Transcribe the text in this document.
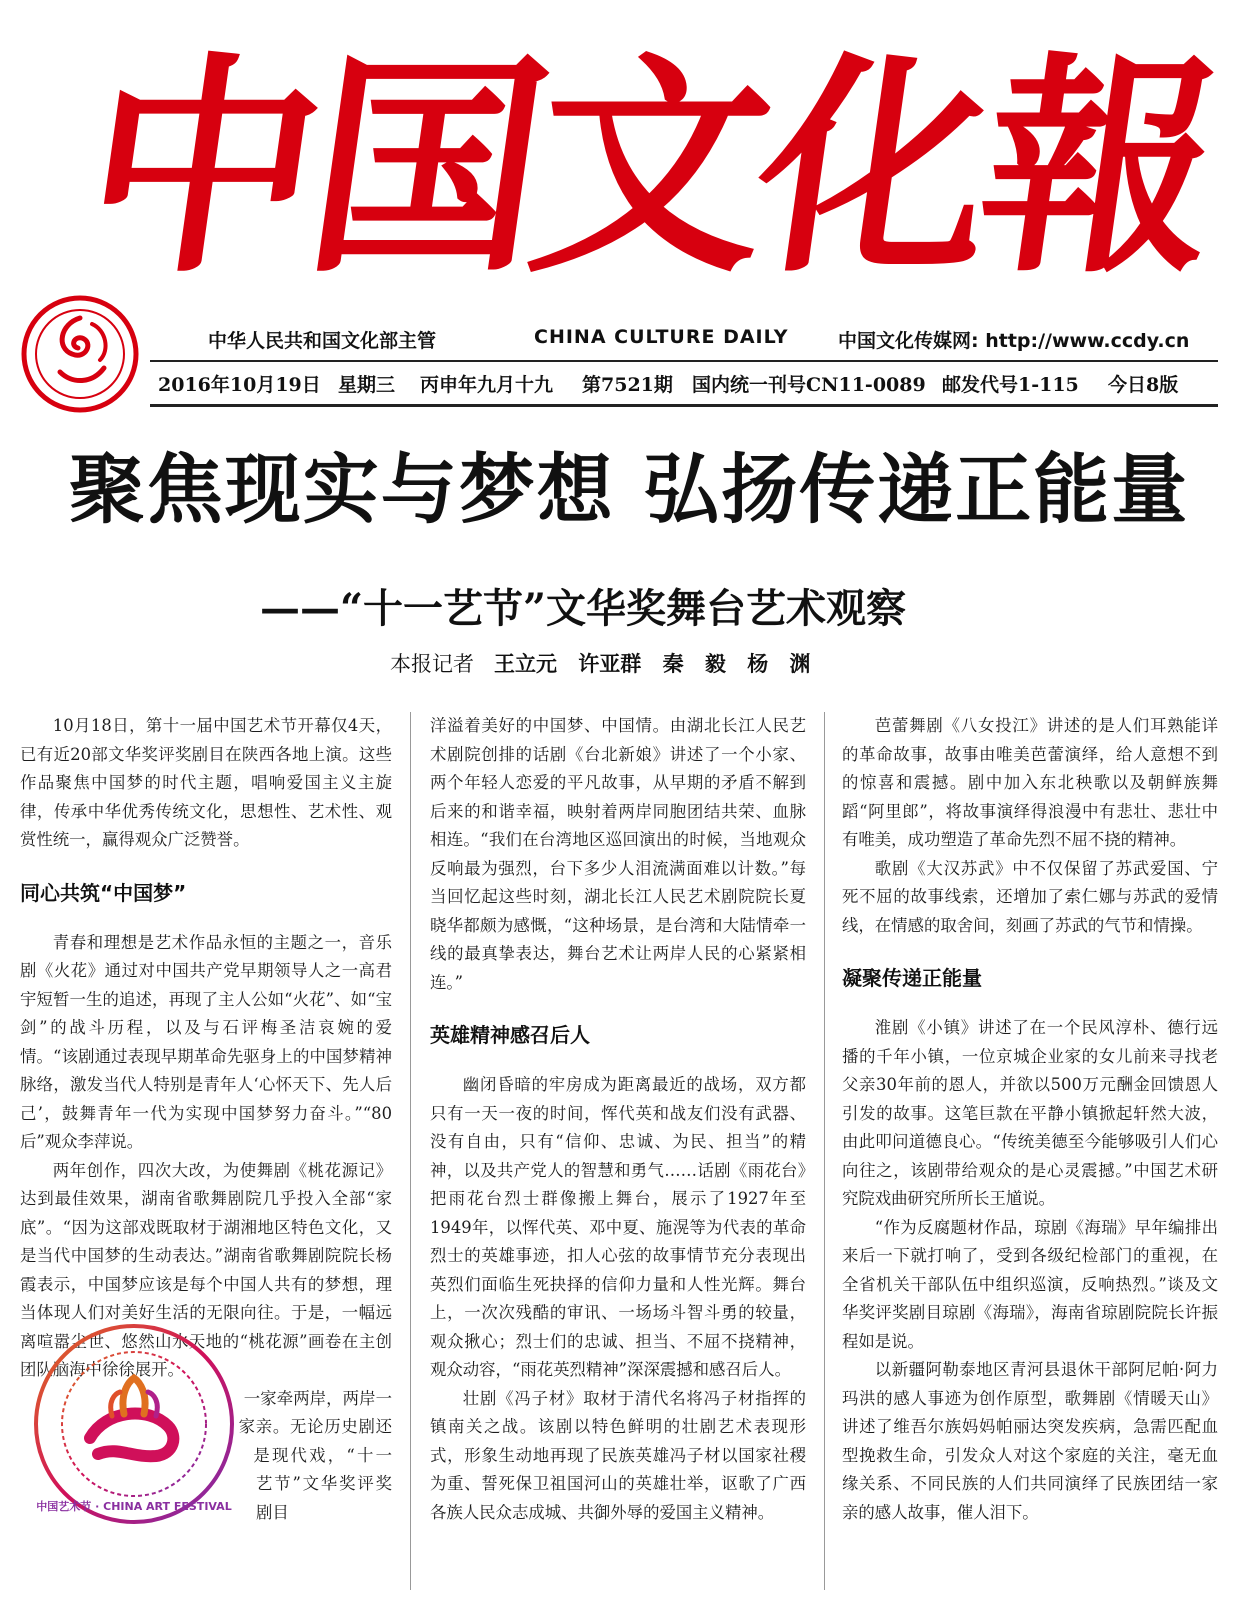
中国文化報
中华人民共和国文化部主管	CHINA CULTURE DAILY	中国文化传媒网: http://www.ccdy.cn
2016年10月19日 星期三 丙申年九月十九 第7521期 国内统一刊号CN11-0089 邮发代号1-115 今日8版
聚焦现实与梦想 弘扬传递正能量
——“十一艺节”文华奖舞台艺术观察
本报记者 王立元 许亚群 秦 毅 杨 渊

10月18日，第十一届中国艺术节开幕仅4天，已有近20部文华奖评奖剧目在陕西各地上演。这些作品聚焦中国梦的时代主题，唱响爱国主义主旋律，传承中华优秀传统文化，思想性、艺术性、观赏性统一，赢得观众广泛赞誉。

同心共筑“中国梦”

青春和理想是艺术作品永恒的主题之一，音乐剧《火花》通过对中国共产党早期领导人之一高君宇短暂一生的追述，再现了主人公如“火花”、如“宝剑”的战斗历程，以及与石评梅圣洁哀婉的爱情。“该剧通过表现早期革命先驱身上的中国梦精神脉络，激发当代人特别是青年人‘心怀天下、先人后己’，鼓舞青年一代为实现中国梦努力奋斗。”“80后”观众李萍说。

两年创作，四次大改，为使舞剧《桃花源记》达到最佳效果，湖南省歌舞剧院几乎投入全部“家底”。“因为这部戏既取材于湖湘地区特色文化，又是当代中国梦的生动表达。”湖南省歌舞剧院院长杨霞表示，中国梦应该是每个中国人共有的梦想，理当体现人们对美好生活的无限向往。于是，一幅远离喧嚣尘世、悠然山水天地的“桃花源”画卷在主创团队脑海中徐徐展开。

一家牵两岸，两岸一家亲。无论历史剧还是现代戏，“十一艺节”文华奖评奖剧目

中国艺术节 · CHINA ART FESTIVAL

洋溢着美好的中国梦、中国情。由湖北长江人民艺术剧院创排的话剧《台北新娘》讲述了一个小家、两个年轻人恋爱的平凡故事，从早期的矛盾不解到后来的和谐幸福，映射着两岸同胞团结共荣、血脉相连。“我们在台湾地区巡回演出的时候，当地观众反响最为强烈，台下多少人泪流满面难以计数。”每当回忆起这些时刻，湖北长江人民艺术剧院院长夏晓华都颇为感慨，“这种场景，是台湾和大陆情牵一线的最真挚表达，舞台艺术让两岸人民的心紧紧相连。”

英雄精神感召后人

幽闭昏暗的牢房成为距离最近的战场，双方都只有一天一夜的时间，恽代英和战友们没有武器、没有自由，只有“信仰、忠诚、为民、担当”的精神，以及共产党人的智慧和勇气……话剧《雨花台》把雨花台烈士群像搬上舞台，展示了1927年至1949年，以恽代英、邓中夏、施滉等为代表的革命烈士的英雄事迹，扣人心弦的故事情节充分表现出英烈们面临生死抉择的信仰力量和人性光辉。舞台上，一次次残酷的审讯、一场场斗智斗勇的较量，观众揪心；烈士们的忠诚、担当、不屈不挠精神，观众动容，“雨花英烈精神”深深震撼和感召后人。

壮剧《冯子材》取材于清代名将冯子材指挥的镇南关之战。该剧以特色鲜明的壮剧艺术表现形式，形象生动地再现了民族英雄冯子材以国家社稷为重、誓死保卫祖国河山的英雄壮举，讴歌了广西各族人民众志成城、共御外辱的爱国主义精神。

芭蕾舞剧《八女投江》讲述的是人们耳熟能详的革命故事，故事由唯美芭蕾演绎，给人意想不到的惊喜和震撼。剧中加入东北秧歌以及朝鲜族舞蹈“阿里郎”，将故事演绎得浪漫中有悲壮、悲壮中有唯美，成功塑造了革命先烈不屈不挠的精神。

歌剧《大汉苏武》中不仅保留了苏武爱国、宁死不屈的故事线索，还增加了索仁娜与苏武的爱情线，在情感的取舍间，刻画了苏武的气节和情操。

凝聚传递正能量

淮剧《小镇》讲述了在一个民风淳朴、德行远播的千年小镇，一位京城企业家的女儿前来寻找老父亲30年前的恩人，并欲以500万元酬金回馈恩人引发的故事。这笔巨款在平静小镇掀起轩然大波，由此叩问道德良心。“传统美德至今能够吸引人们心向往之，该剧带给观众的是心灵震撼。”中国艺术研究院戏曲研究所所长王馗说。

“作为反腐题材作品，琼剧《海瑞》早年编排出来后一下就打响了，受到各级纪检部门的重视，在全省机关干部队伍中组织巡演，反响热烈。”谈及文华奖评奖剧目琼剧《海瑞》，海南省琼剧院院长许振程如是说。

以新疆阿勒泰地区青河县退休干部阿尼帕·阿力玛洪的感人事迹为创作原型，歌舞剧《情暖天山》讲述了维吾尔族妈妈帕丽达突发疾病，急需匹配血型挽救生命，引发众人对这个家庭的关注，毫无血缘关系、不同民族的人们共同演绎了民族团结一家亲的感人故事，催人泪下。
